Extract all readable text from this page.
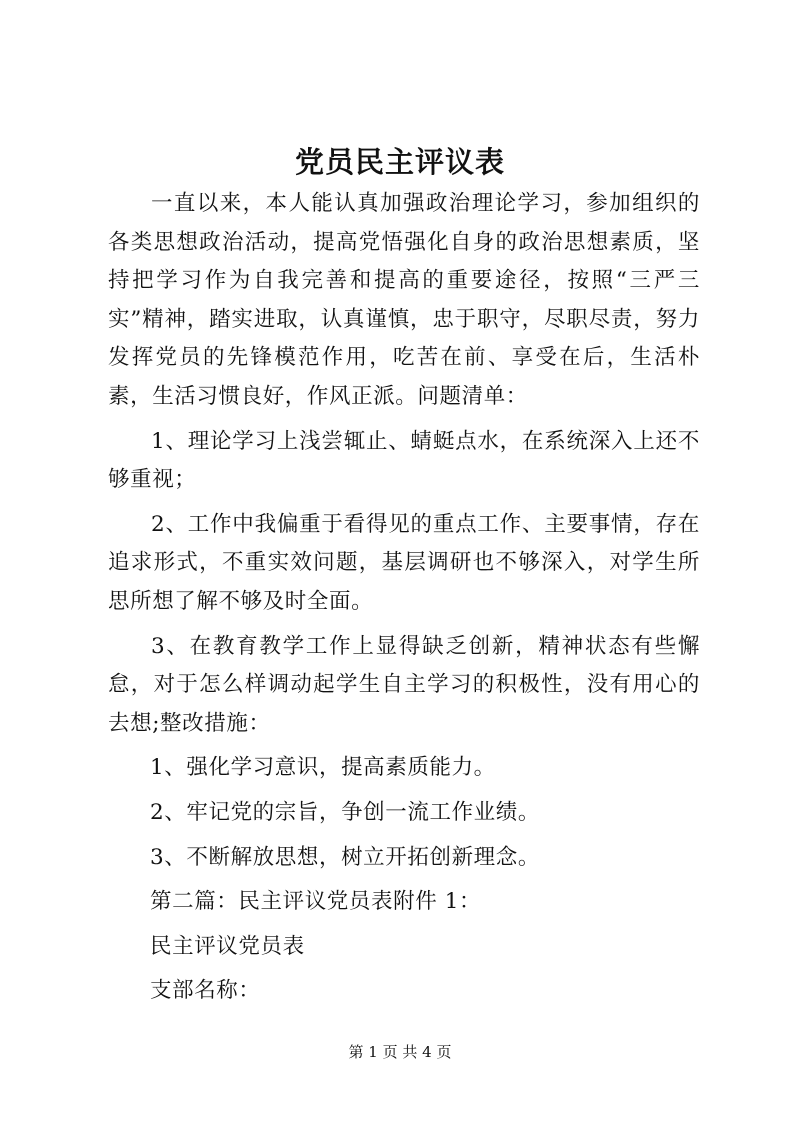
党员民主评议表

一直以来，本人能认真加强政治理论学习，参加组织的各类思想政治活动，提高党悟强化自身的政治思想素质，坚持把学习作为自我完善和提高的重要途径，按照“三严三实”精神，踏实进取，认真谨慎，忠于职守，尽职尽责，努力发挥党员的先锋模范作用，吃苦在前、享受在后，生活朴素，生活习惯良好，作风正派。问题清单：

1、理论学习上浅尝辄止、蜻蜓点水，在系统深入上还不够重视；

2、工作中我偏重于看得见的重点工作、主要事情，存在追求形式，不重实效问题，基层调研也不够深入，对学生所思所想了解不够及时全面。

3、在教育教学工作上显得缺乏创新，精神状态有些懈怠，对于怎么样调动起学生自主学习的积极性，没有用心的去想;整改措施：

1、强化学习意识，提高素质能力。

2、牢记党的宗旨，争创一流工作业绩。

3、不断解放思想，树立开拓创新理念。

第二篇：民主评议党员表附件 1：

民主评议党员表

支部名称：

第 1 页 共 4 页
